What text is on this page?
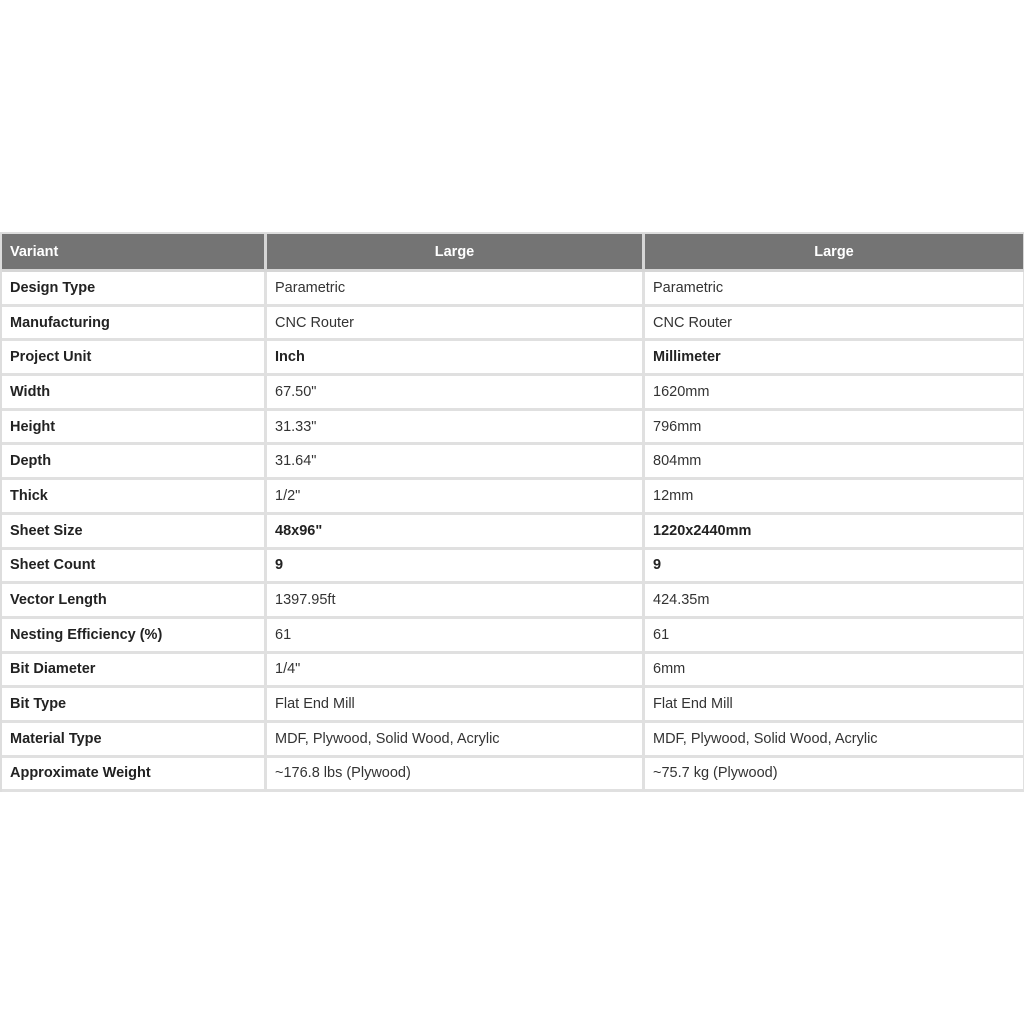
Variant	Large	Large
Design Type	Parametric	Parametric
Manufacturing	CNC Router	CNC Router
Project Unit	Inch	Millimeter
Width	67.50"	1620mm
Height	31.33"	796mm
Depth	31.64"	804mm
Thick	1/2"	12mm
Sheet Size	48x96"	1220x2440mm
Sheet Count	9	9
Vector Length	1397.95ft	424.35m
Nesting Efficiency (%)	61	61
Bit Diameter	1/4"	6mm
Bit Type	Flat End Mill	Flat End Mill
Material Type	MDF, Plywood, Solid Wood, Acrylic	MDF, Plywood, Solid Wood, Acrylic
Approximate Weight	~176.8 lbs (Plywood)	~75.7 kg (Plywood)
